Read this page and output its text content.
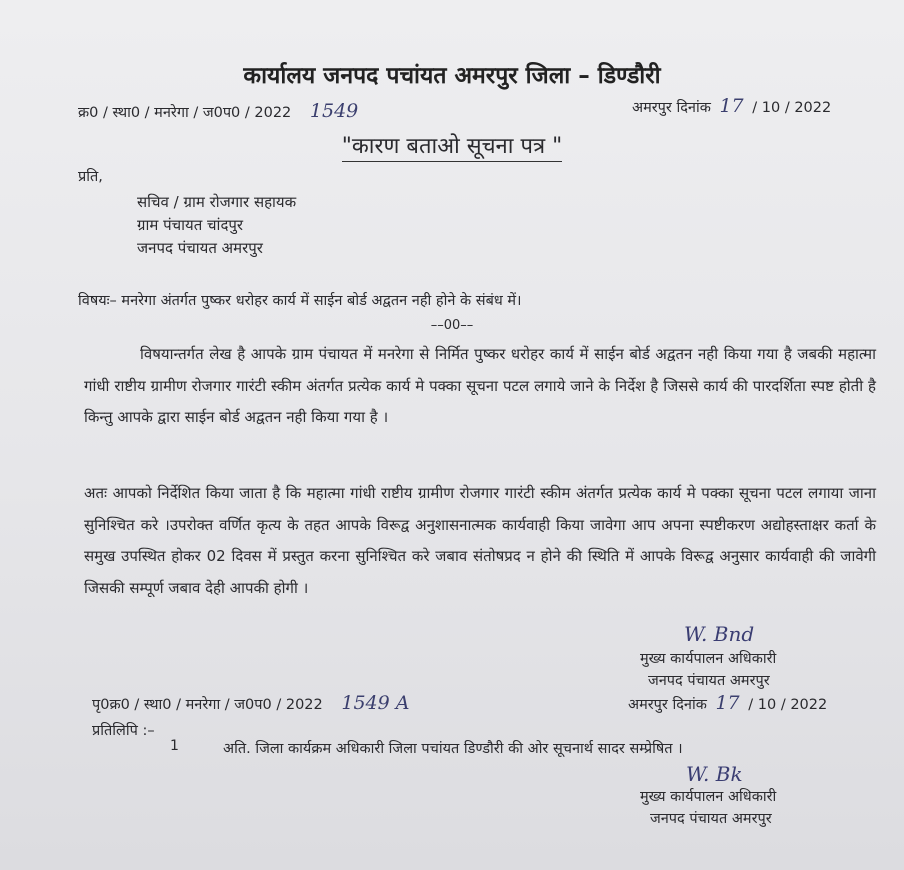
कार्यालय जनपद पचांयत अमरपुर जिला – डिण्डौरी
क्र0 / स्था0 / मनरेगा / ज0प0 / 2022 1549	अमरपुर दिनांक 17 / 10 / 2022
"कारण बताओ सूचना पत्र "
प्रति,
सचिव / ग्राम रोजगार सहायक
ग्राम पंचायत चांदपुर
जनपद पंचायत अमरपुर
विषयः– मनरेगा अंतर्गत पुष्कर धरोहर कार्य में साईन बोर्ड अद्वतन नही होने के संबंध में।
––00––
विषयान्तर्गत लेख है आपके ग्राम पंचायत में मनरेगा से निर्मित पुष्कर धरोहर कार्य में साईन बोर्ड अद्वतन नही किया गया है जबकी महात्मा गांधी राष्टीय ग्रामीण रोजगार गारंटी स्कीम अंतर्गत प्रत्येक कार्य मे पक्का सूचना पटल लगाये जाने के निर्देश है जिससे कार्य की पारदर्शिता स्पष्ट होती है किन्तु आपके द्वारा साईन बोर्ड अद्वतन नही किया गया है ।
अतः आपको निर्देशित किया जाता है कि महात्मा गांधी राष्टीय ग्रामीण रोजगार गारंटी स्कीम अंतर्गत प्रत्येक कार्य मे पक्का सूचना पटल लगाया जाना सुनिश्चित करे ।उपरोक्त वर्णित कृत्य के तहत आपके विरूद्व अनुशासनात्मक कार्यवाही किया जावेगा आप अपना स्पष्टीकरण अद्योहस्ताक्षर कर्ता के समुख उपस्थित होकर 02 दिवस में प्रस्तुत करना सुनिश्चित करे जबाव संतोषप्रद न होने की स्थिति में आपके विरूद्व अनुसार कार्यवाही की जावेगी जिसकी सम्पूर्ण जबाव देही आपकी होगी ।
W. Bnd
मुख्य कार्यपालन अधिकारी
जनपद पंचायत अमरपुर
अमरपुर दिनांक 17 / 10 / 2022
पृ0क्र0 / स्था0 / मनरेगा / ज0प0 / 2022 1549 A
प्रतिलिपि :–
1	अति. जिला कार्यक्रम अधिकारी जिला पचांयत डिण्डौरी की ओर सूचनार्थ सादर सम्प्रेषित ।
W. Bk
मुख्य कार्यपालन अधिकारी
जनपद पंचायत अमरपुर
